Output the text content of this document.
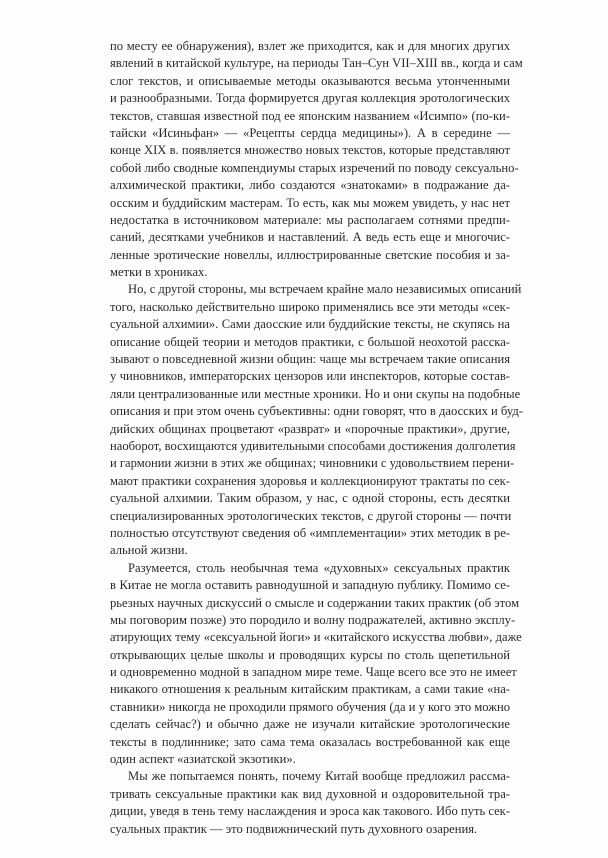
по месту ее обнаружения), взлет же приходится, как и для многих других
явлений в китайской культуре, на периоды Тан–Сун VII–XIII вв., когда и сам
слог текстов, и описываемые методы оказываются весьма утонченными
и разнообразными. Тогда формируется другая коллекция эротологических
текстов, ставшая известной под ее японским названием «Исимпо» (по-ки-
тайски «Исиньфан» — «Рецепты сердца медицины»). А в середине —
конце XIX в. появляется множество новых текстов, которые представляют
собой либо сводные компендиумы старых изречений по поводу сексуально-
алхимической практики, либо создаются «знатоками» в подражание да-
осским и буддийским мастерам. То есть, как мы можем увидеть, у нас нет
недостатка в источниковом материале: мы располагаем сотнями предпи-
саний, десятками учебников и наставлений. А ведь есть еще и многочис-
ленные эротические новеллы, иллюстрированные светские пособия и за-
метки в хрониках.
Но, с другой стороны, мы встречаем крайне мало независимых описаний
того, насколько действительно широко применялись все эти методы «сек-
суальной алхимии». Сами даосские или буддийские тексты, не скупясь на
описание общей теории и методов практики, с большой неохотой расска-
зывают о повседневной жизни общин: чаще мы встречаем такие описания
у чиновников, императорских цензоров или инспекторов, которые состав-
ляли централизованные или местные хроники. Но и они скупы на подобные
описания и при этом очень субъективны: одни говорят, что в даосских и буд-
дийских общинах процветают «разврат» и «порочные практики», другие,
наоборот, восхищаются удивительными способами достижения долголетия
и гармонии жизни в этих же общинах; чиновники с удовольствием перени-
мают практики сохранения здоровья и коллекционируют трактаты по сек-
суальной алхимии. Таким образом, у нас, с одной стороны, есть десятки
специализированных эротологических текстов, с другой стороны — почти
полностью отсутствуют сведения об «имплементации» этих методик в ре-
альной жизни.
Разумеется, столь необычная тема «духовных» сексуальных практик
в Китае не могла оставить равнодушной и западную публику. Помимо се-
рьезных научных дискуссий о смысле и содержании таких практик (об этом
мы поговорим позже) это породило и волну подражателей, активно эксплу-
атирующих тему «сексуальной йоги» и «китайского искусства любви», даже
открывающих целые школы и проводящих курсы по столь щепетильной
и одновременно модной в западном мире теме. Чаще всего все это не имеет
никакого отношения к реальным китайским практикам, а сами такие «на-
ставники» никогда не проходили прямого обучения (да и у кого это можно
сделать сейчас?) и обычно даже не изучали китайские эротологические
тексты в подлиннике; зато сама тема оказалась востребованной как еще
один аспект «азиатской экзотики».
Мы же попытаемся понять, почему Китай вообще предложил рассма-
тривать сексуальные практики как вид духовной и оздоровительной тра-
диции, уведя в тень тему наслаждения и эроса как такового. Ибо путь сек-
суальных практик — это подвижнический путь духовного озарения.
